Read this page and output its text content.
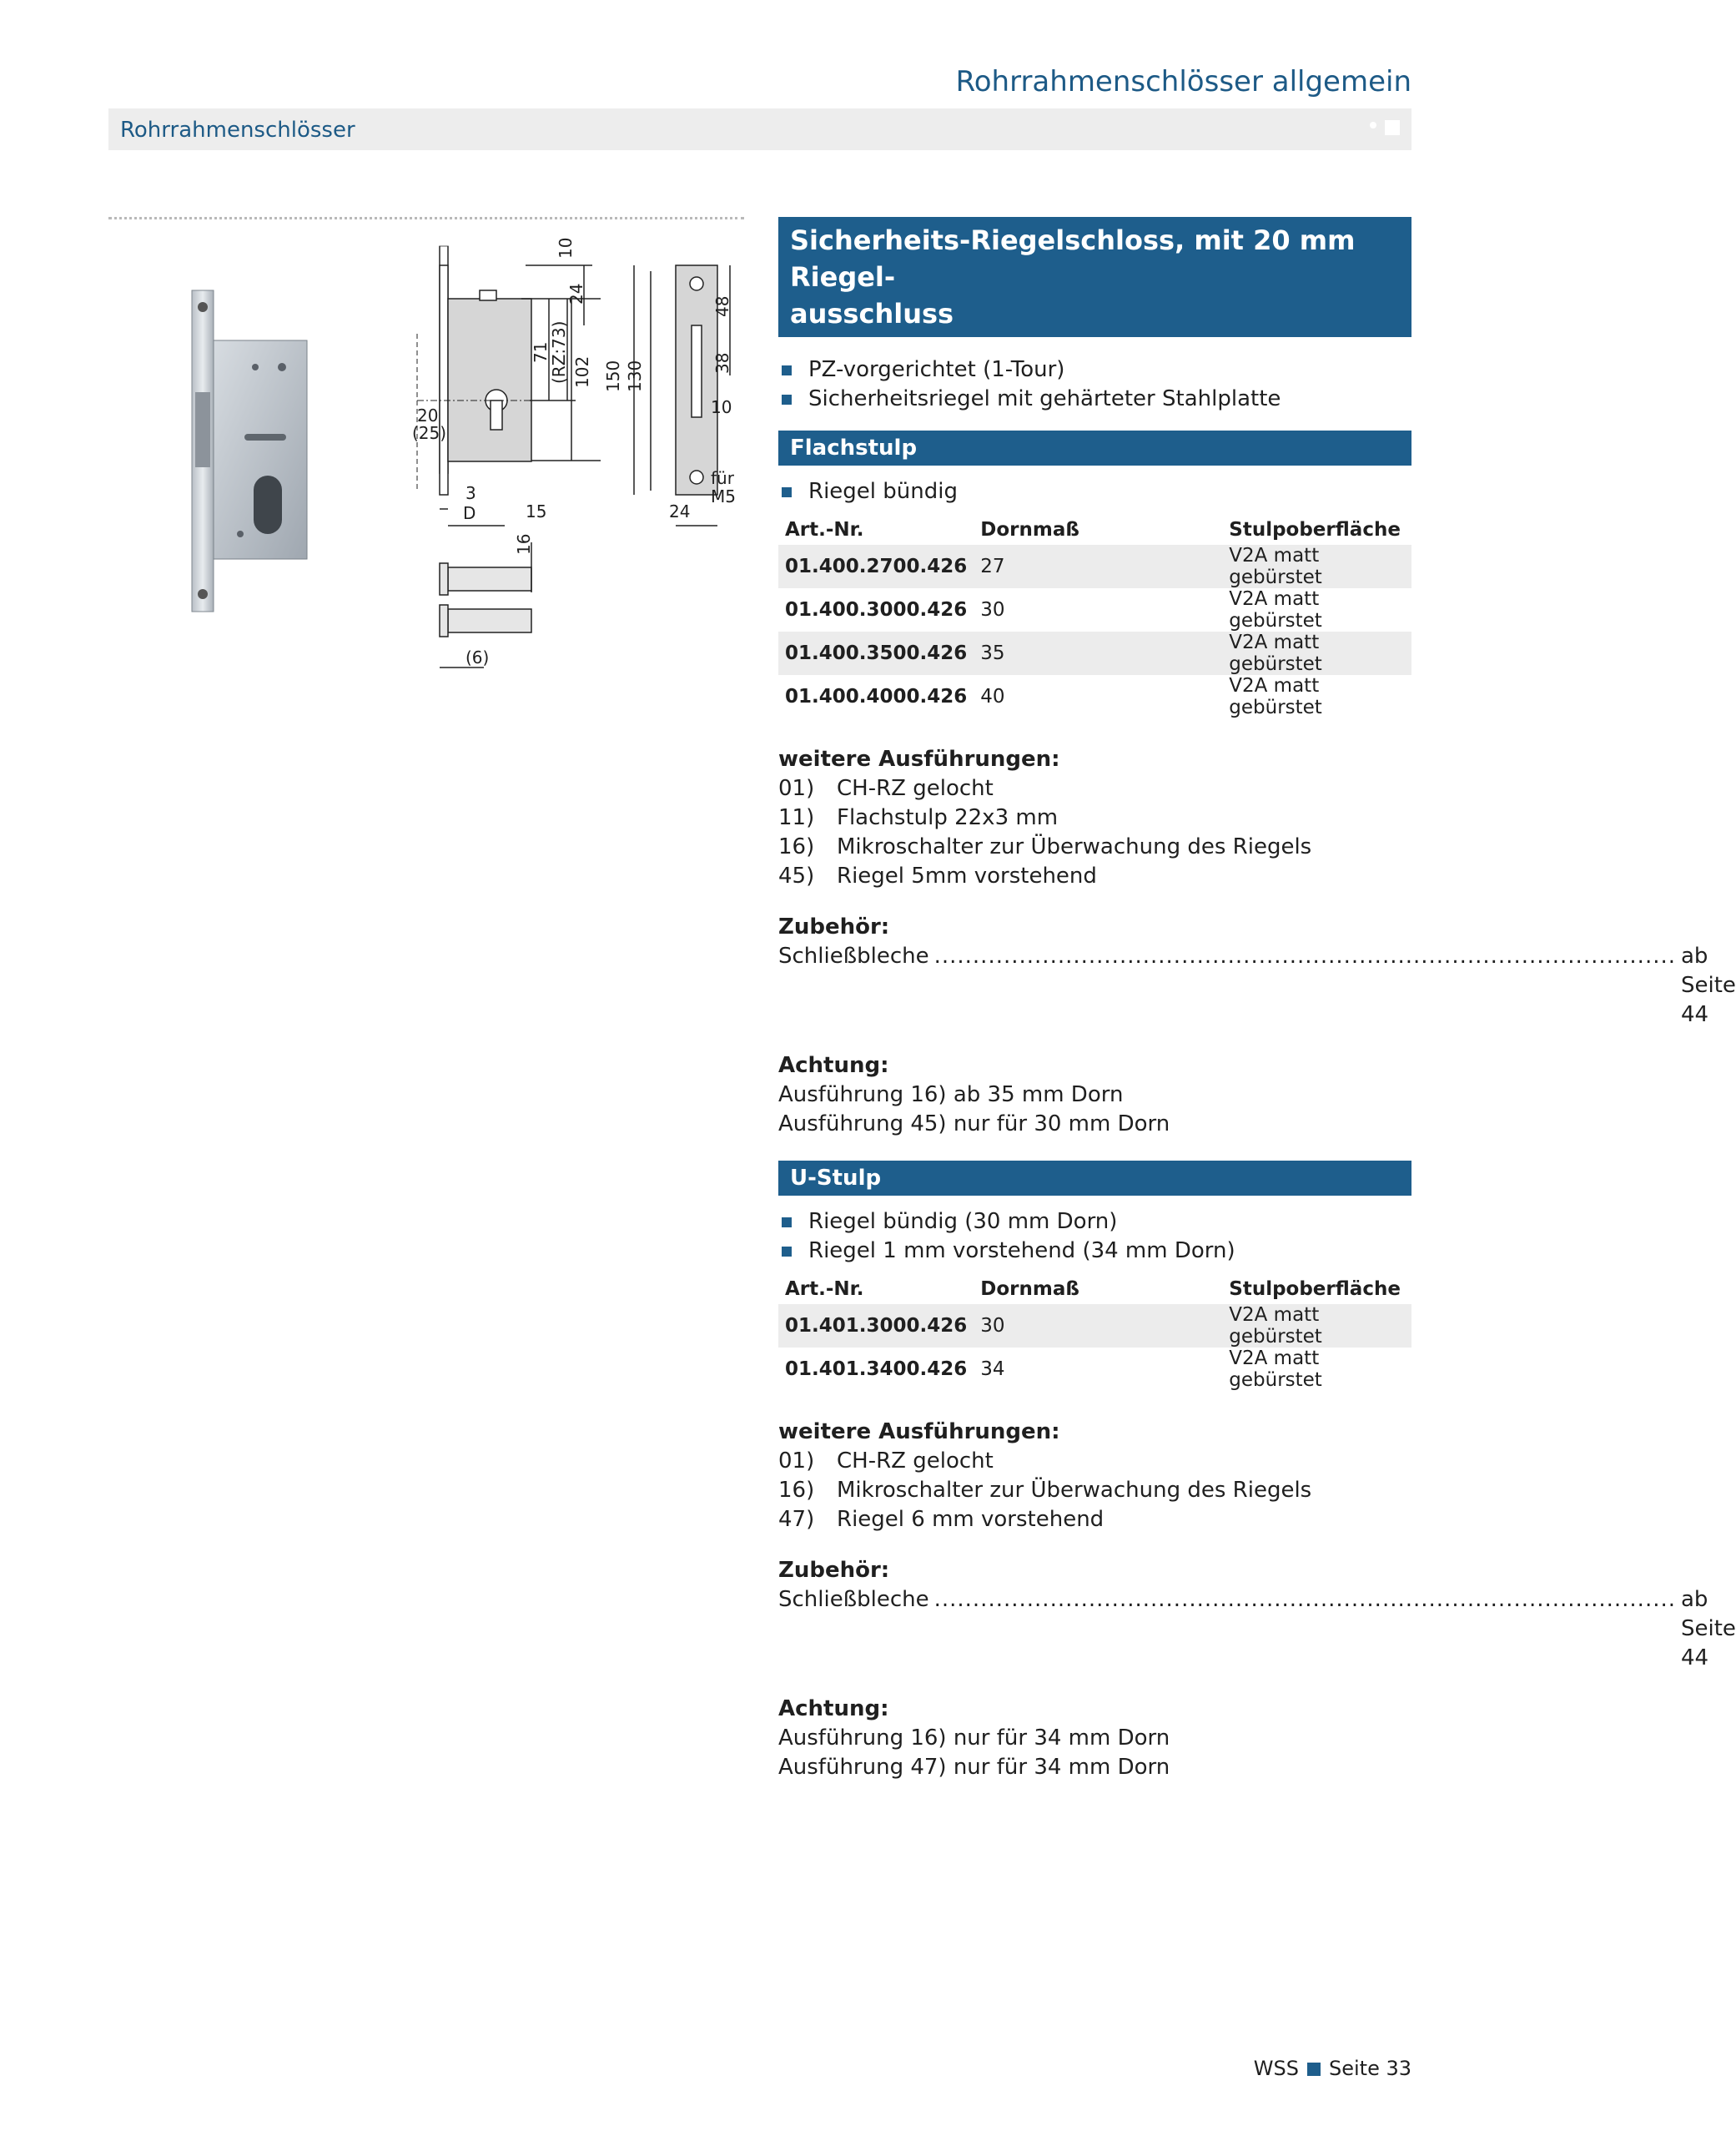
Rohrrahmenschlösser allgemein
Rohrrahmenschlösser
10
24
71
(RZ:73) 102 150 130
48
38
10
für
M5
24
20
(25)
3
D	15
16
(6)
Sicherheits-Riegelschloss, mit 20 mm Riegel-
ausschluss
PZ-vorgerichtet (1-Tour)
Sicherheitsriegel mit gehärteter Stahlplatte
Flachstulp
Riegel bündig
Art.-Nr.	Dornmaß	Stulpoberfläche
01.400.2700.426	27	V2A matt gebürstet
01.400.3000.426	30	V2A matt gebürstet
01.400.3500.426	35	V2A matt gebürstet
01.400.4000.426	40	V2A matt gebürstet
weitere Ausführungen:
01) CH-RZ gelocht
11) Flachstulp 22x3 mm
16) Mikroschalter zur Überwachung des Riegels
45) Riegel 5mm vorstehend
Zubehör:
Schließbleche ................................................................................................ ab Seite 44
Achtung:
Ausführung 16) ab 35 mm Dorn
Ausführung 45) nur für 30 mm Dorn
U-Stulp
Riegel bündig (30 mm Dorn)
Riegel 1 mm vorstehend (34 mm Dorn)
Art.-Nr.	Dornmaß	Stulpoberfläche
01.401.3000.426	30	V2A matt gebürstet
01.401.3400.426	34	V2A matt gebürstet
weitere Ausführungen:
01) CH-RZ gelocht
16) Mikroschalter zur Überwachung des Riegels
47) Riegel 6 mm vorstehend
Zubehör:
Schließbleche ................................................................................................ ab Seite 44
Achtung:
Ausführung 16) nur für 34 mm Dorn
Ausführung 47) nur für 34 mm Dorn
WSS Seite 33
